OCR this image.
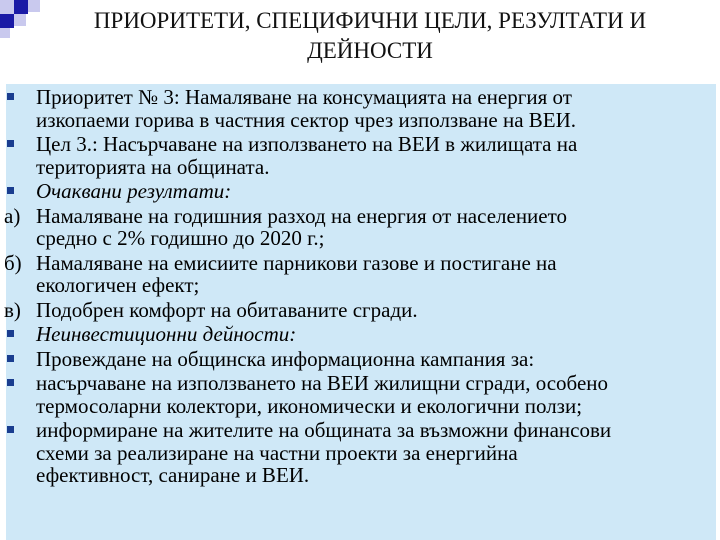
ПРИОРИТЕТИ, СПЕЦИФИЧНИ ЦЕЛИ, РЕЗУЛТАТИ И
ДЕЙНОСТИ
Приоритет № 3: Намаляване на консумацията на енергия от
изкопаеми горива в частния сектор чрез използване на ВЕИ.
Цел 3.: Насърчаване на използването на ВЕИ в жилищата на
територията на общината.
Очаквани резултати:
а) Намаляване на годишния разход на енергия от населението
средно с 2% годишно до 2020 г.;
б) Намаляване на емисиите парникови газове и постигане на
екологичен ефект;
в) Подобрен комфорт на обитаваните сгради.
Неинвестиционни дейности:
Провеждане на общинска информационна кампания за:
насърчаване на използването на ВЕИ жилищни сгради, особено
термосоларни колектори, икономически и екологични ползи;
информиране на жителите на общината за възможни финансови
схеми за реализиране на частни проекти за енергийна
ефективност, саниране и ВЕИ.
